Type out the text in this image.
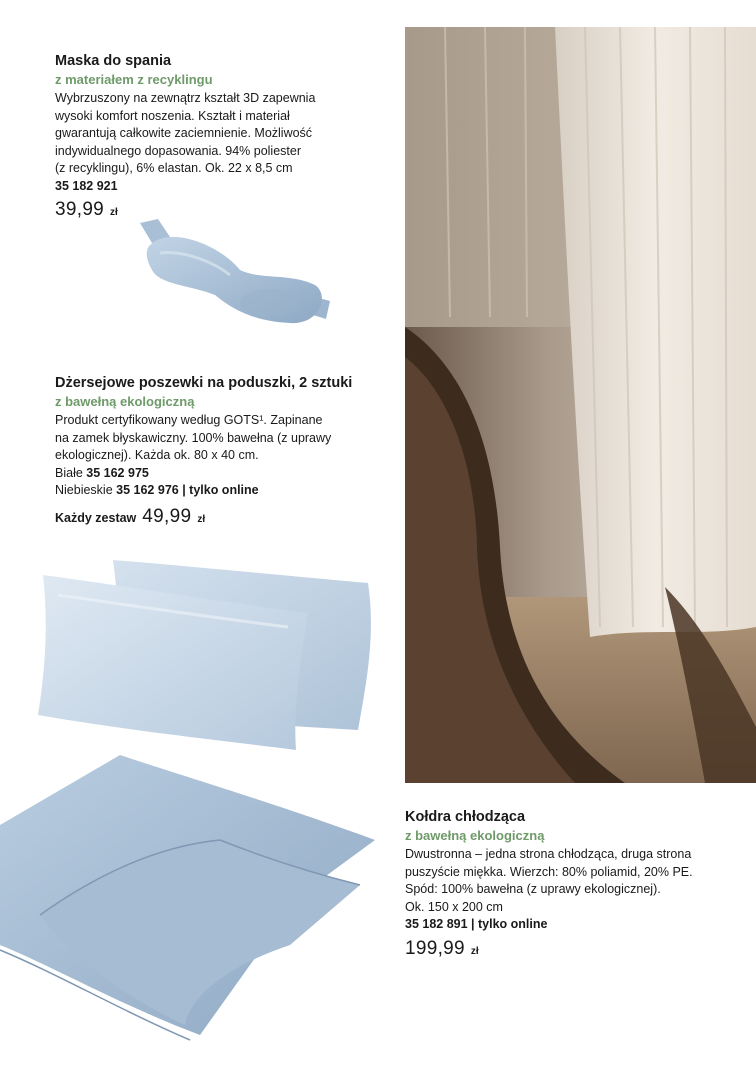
Maska do spania

z materiałem z recyklingu

Wybrzuszony na zewnątrz kształt 3D zapewnia
wysoki komfort noszenia. Kształt i materiał
gwarantują całkowite zaciemnienie. Możliwość
indywidualnego dopasowania. 94% poliester
(z recyklingu), 6% elastan. Ok. 22 x 8,5 cm

35 182 921
39,99 zł

Dżersejowe poszewki na poduszki, 2 sztuki

z bawełną ekologiczną

Produkt certyfikowany według GOTS¹. Zapinane
na zamek błyskawiczny. 100% bawełna (z uprawy
ekologicznej). Każda ok. 80 x 40 cm.

Białe 35 162 975
Niebieskie 35 162 976 | tylko online
Każdy zestaw 49,99 zł

Kołdra chłodząca

z bawełną ekologiczną

Dwustronna – jedna strona chłodząca, druga strona
puszyście miękka. Wierzch: 80% poliamid, 20% PE.
Spód: 100% bawełna (z uprawy ekologicznej).
Ok. 150 x 200 cm

35 182 891 | tylko online
199,99 zł
